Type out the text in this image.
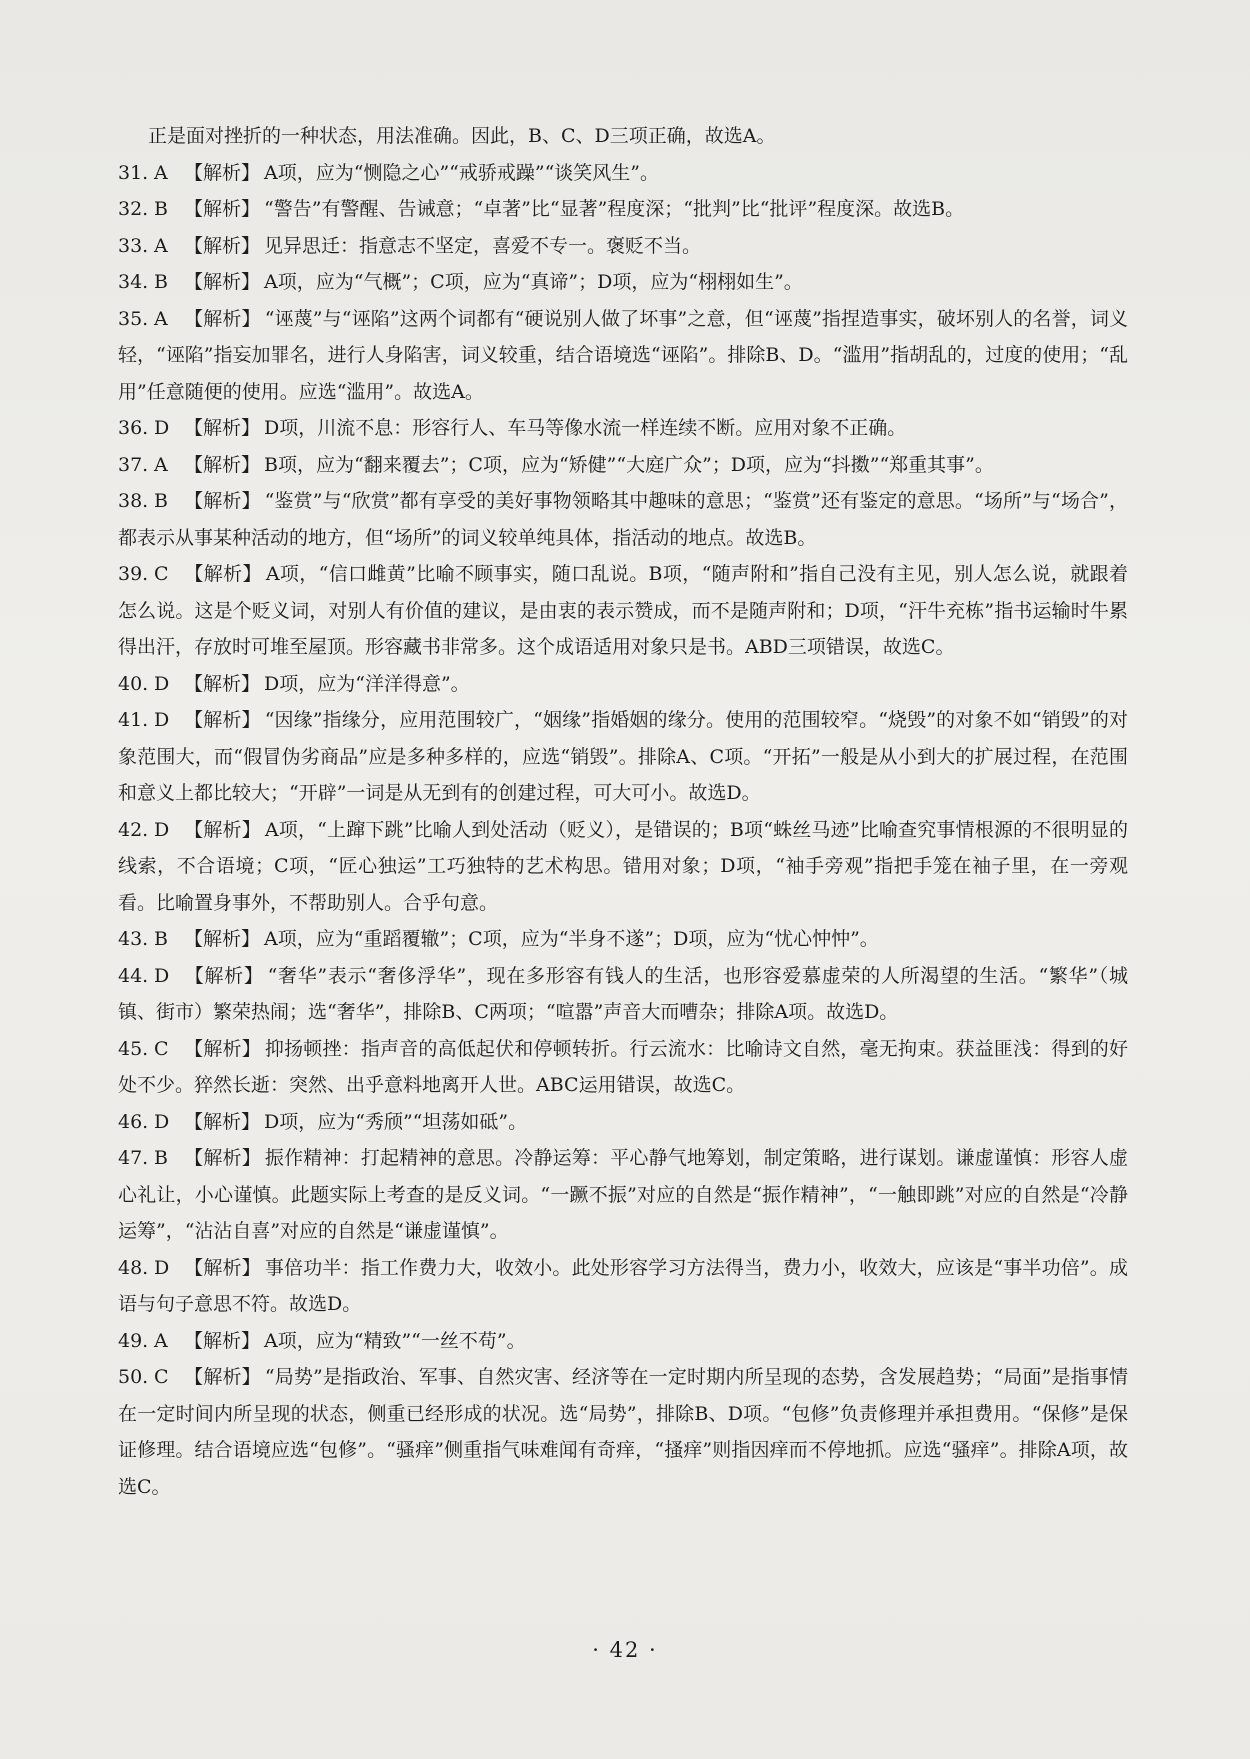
正是面对挫折的一种状态，用法准确。因此，B、C、D三项正确，故选A。
31. A 【解析】 A项，应为“恻隐之心”“戒骄戒躁”“谈笑风生”。
32. B 【解析】 “警告”有警醒、告诫意；“卓著”比“显著”程度深；“批判”比“批评”程度深。故选B。
33. A 【解析】 见异思迁：指意志不坚定，喜爱不专一。褒贬不当。
34. B 【解析】 A项，应为“气概”；C项，应为“真谛”；D项，应为“栩栩如生”。
35. A 【解析】 “诬蔑”与“诬陷”这两个词都有“硬说别人做了坏事”之意，但“诬蔑”指捏造事实，破坏别人的名誉，词义轻，“诬陷”指妄加罪名，进行人身陷害，词义较重，结合语境选“诬陷”。排除B、D。“滥用”指胡乱的，过度的使用；“乱用”任意随便的使用。应选“滥用”。故选A。
36. D 【解析】 D项，川流不息：形容行人、车马等像水流一样连续不断。应用对象不正确。
37. A 【解析】 B项，应为“翻来覆去”；C项，应为“矫健”“大庭广众”；D项，应为“抖擞”“郑重其事”。
38. B 【解析】 “鉴赏”与“欣赏”都有享受的美好事物领略其中趣味的意思；“鉴赏”还有鉴定的意思。“场所”与“场合”，都表示从事某种活动的地方，但“场所”的词义较单纯具体，指活动的地点。故选B。
39. C 【解析】 A项，“信口雌黄”比喻不顾事实，随口乱说。B项，“随声附和”指自己没有主见，别人怎么说，就跟着怎么说。这是个贬义词，对别人有价值的建议，是由衷的表示赞成，而不是随声附和；D项，“汗牛充栋”指书运输时牛累得出汗，存放时可堆至屋顶。形容藏书非常多。这个成语适用对象只是书。ABD三项错误，故选C。
40. D 【解析】 D项，应为“洋洋得意”。
41. D 【解析】 “因缘”指缘分，应用范围较广，“姻缘”指婚姻的缘分。使用的范围较窄。“烧毁”的对象不如“销毁”的对象范围大，而“假冒伪劣商品”应是多种多样的，应选“销毁”。排除A、C项。“开拓”一般是从小到大的扩展过程，在范围和意义上都比较大；“开辟”一词是从无到有的创建过程，可大可小。故选D。
42. D 【解析】 A项，“上蹿下跳”比喻人到处活动（贬义），是错误的；B项“蛛丝马迹”比喻查究事情根源的不很明显的线索，不合语境；C项，“匠心独运”工巧独特的艺术构思。错用对象；D项，“袖手旁观”指把手笼在袖子里，在一旁观看。比喻置身事外，不帮助别人。合乎句意。
43. B 【解析】 A项，应为“重蹈覆辙”；C项，应为“半身不遂”；D项，应为“忧心忡忡”。
44. D 【解析】 “奢华”表示“奢侈浮华”，现在多形容有钱人的生活，也形容爱慕虚荣的人所渴望的生活。“繁华”（城镇、街市）繁荣热闹；选“奢华”，排除B、C两项；“喧嚣”声音大而嘈杂；排除A项。故选D。
45. C 【解析】 抑扬顿挫：指声音的高低起伏和停顿转折。行云流水：比喻诗文自然，毫无拘束。获益匪浅：得到的好处不少。猝然长逝：突然、出乎意料地离开人世。ABC运用错误，故选C。
46. D 【解析】 D项，应为“秀颀”“坦荡如砥”。
47. B 【解析】 振作精神：打起精神的意思。冷静运筹：平心静气地筹划，制定策略，进行谋划。谦虚谨慎：形容人虚心礼让，小心谨慎。此题实际上考查的是反义词。“一蹶不振”对应的自然是“振作精神”，“一触即跳”对应的自然是“冷静运筹”，“沾沾自喜”对应的自然是“谦虚谨慎”。
48. D 【解析】 事倍功半：指工作费力大，收效小。此处形容学习方法得当，费力小，收效大，应该是“事半功倍”。成语与句子意思不符。故选D。
49. A 【解析】 A项，应为“精致”“一丝不苟”。
50. C 【解析】 “局势”是指政治、军事、自然灾害、经济等在一定时期内所呈现的态势，含发展趋势；“局面”是指事情在一定时间内所呈现的状态，侧重已经形成的状况。选“局势”，排除B、D项。“包修”负责修理并承担费用。“保修”是保证修理。结合语境应选“包修”。“骚痒”侧重指气味难闻有奇痒，“搔痒”则指因痒而不停地抓。应选“骚痒”。排除A项，故选C。
· 42 ·
